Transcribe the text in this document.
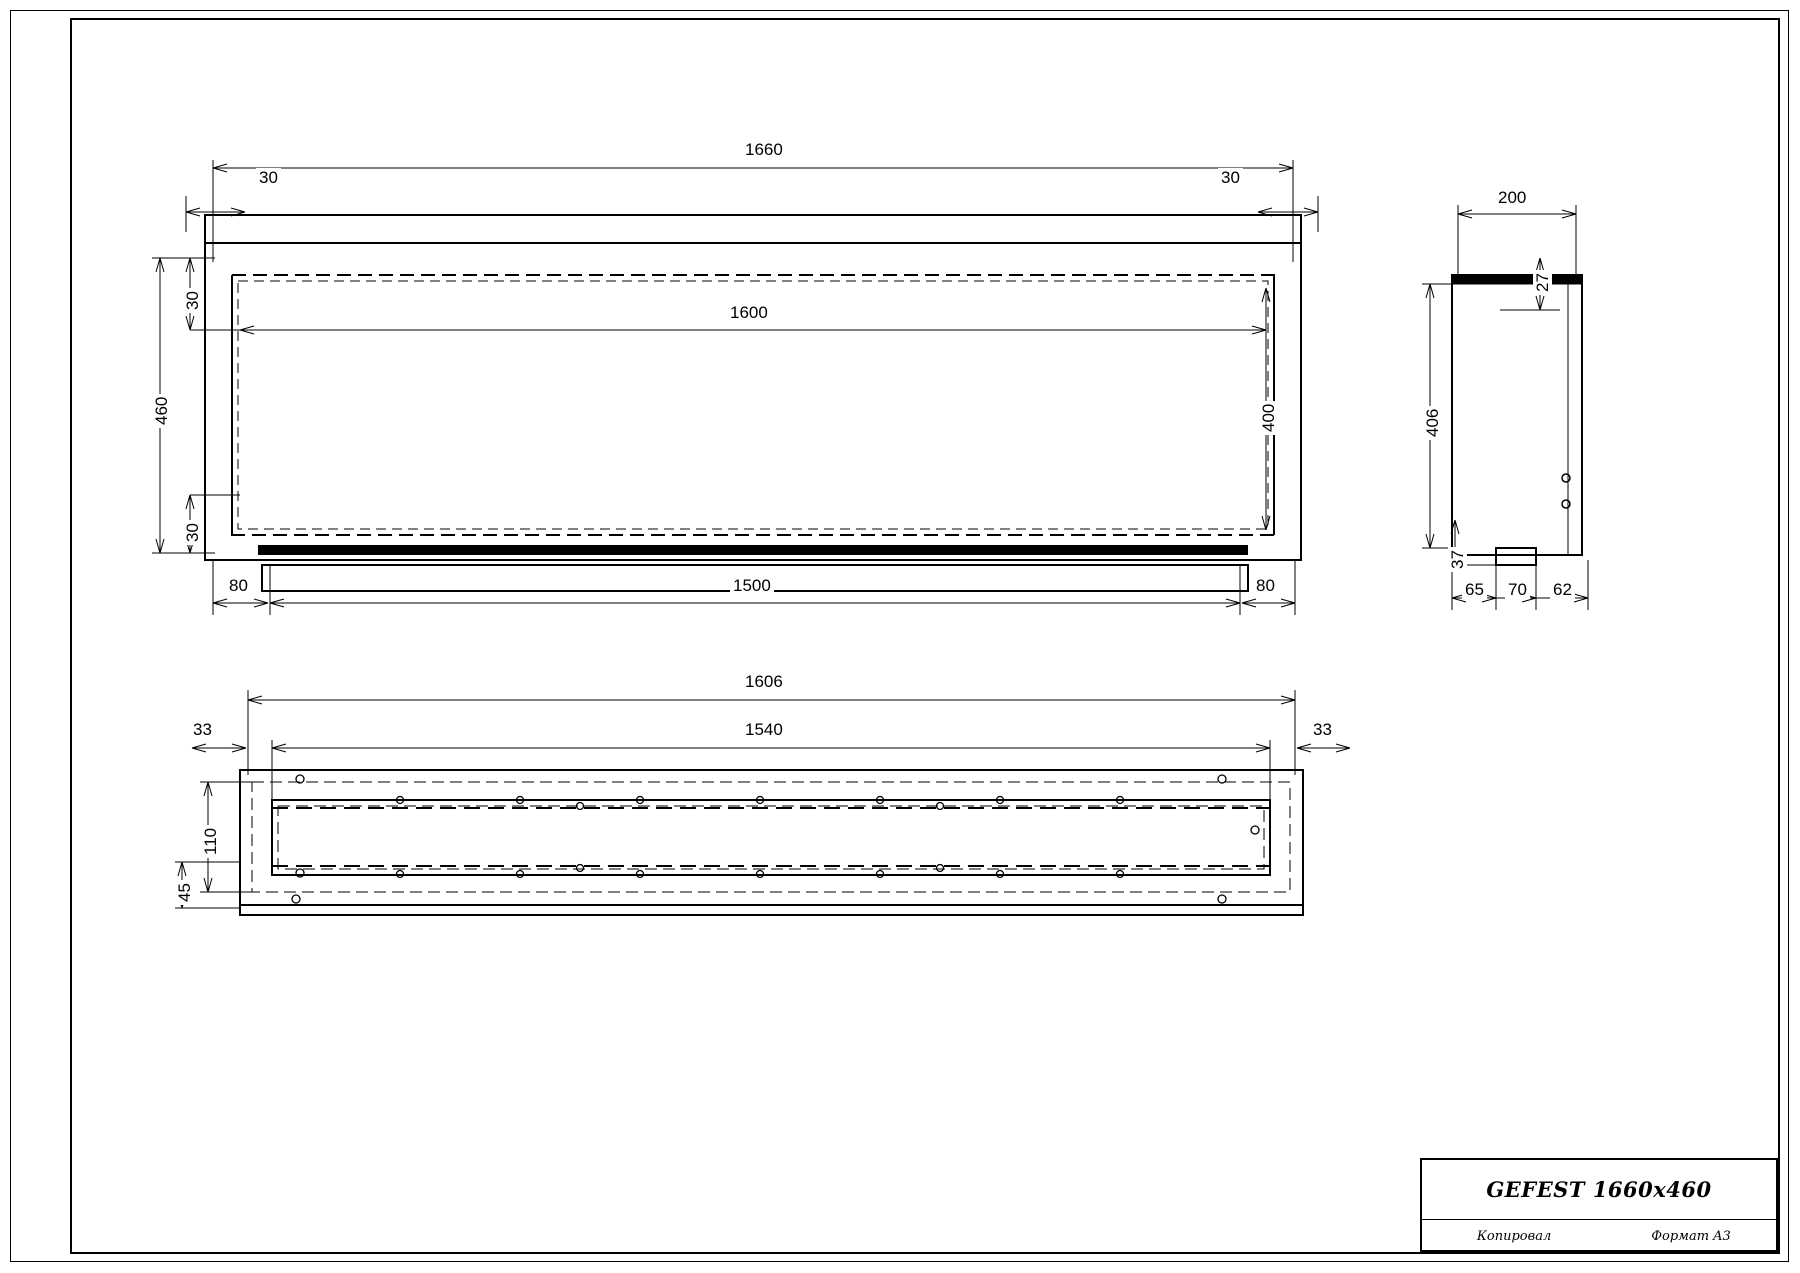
1660
30	30
1600
460
30
30
400
1500
80	80
200
27
406
37
65 70 62
1606
1540
33	33
110
45
GEFEST 1660x460
Копировал	Формат A3
